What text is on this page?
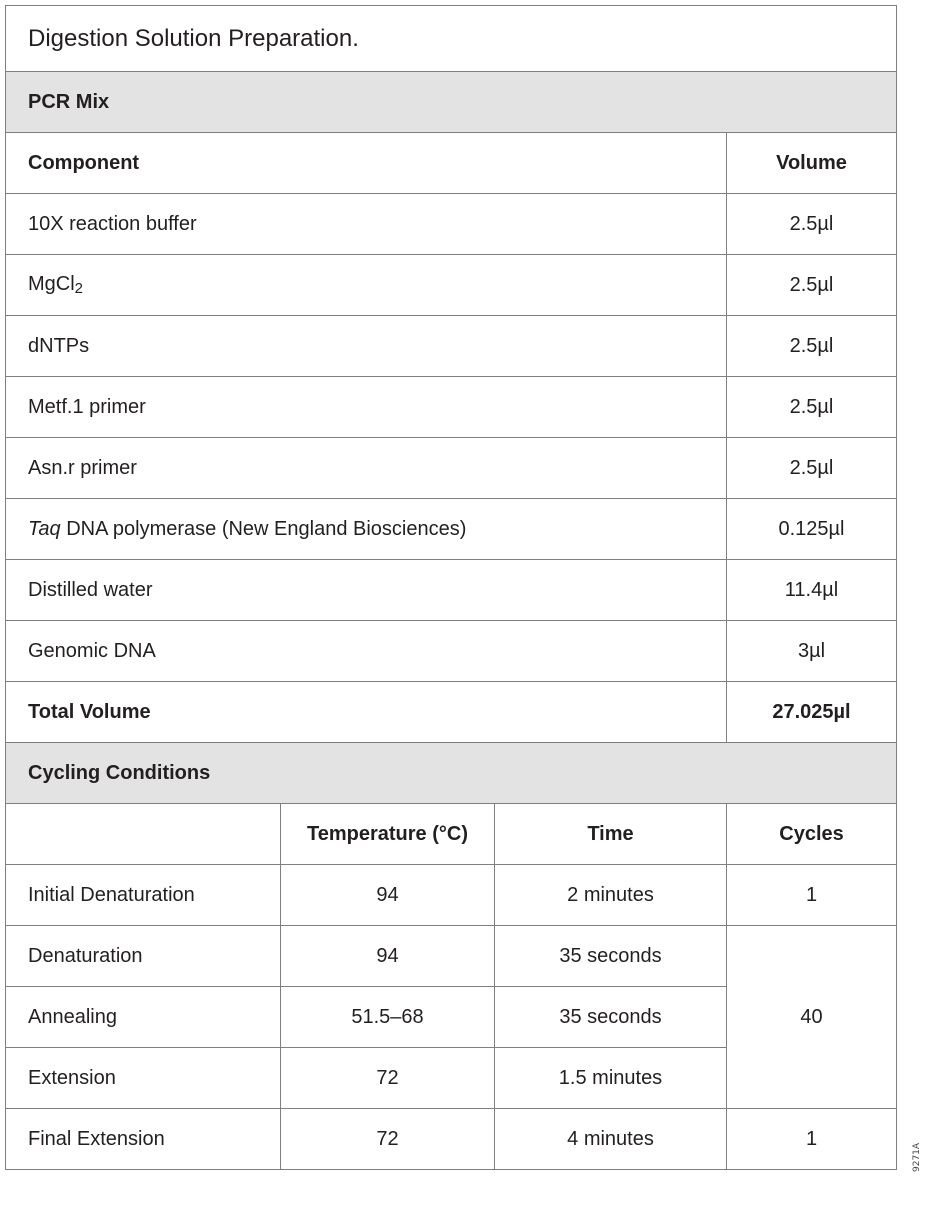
Digestion Solution Preparation.			
PCR Mix			
Component			Volume
10X reaction buffer			2.5µl
MgCl$_2$			2.5µl
dNTPs			2.5µl
Metf.1 primer			2.5µl
Asn.r primer			2.5µl
Taq DNA polymerase (New England Biosciences)			0.125µl
Distilled water			11.4µl
Genomic DNA			3µl
Total Volume			27.025µl
Cycling Conditions			
	Temperature (°C)	Time	Cycles
Initial Denaturation	94	2 minutes	1
Denaturation	94	35 seconds	40
Annealing	51.5–68	35 seconds	
Extension	72	1.5 minutes	
Final Extension	72	4 minutes	1
9271A
